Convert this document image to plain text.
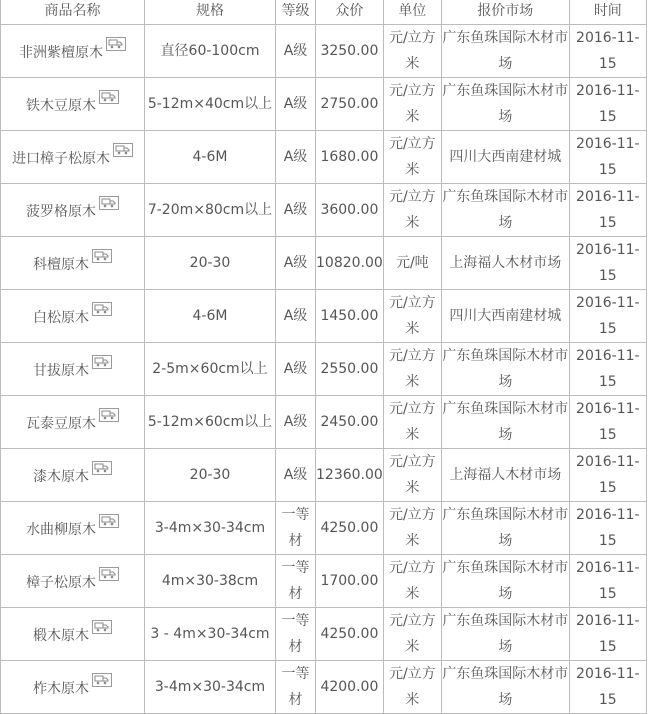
商品名称	规格	等级	众价	单位	报价市场	时间
非洲紫檀原木	直径60-100cm	A级	3250.00	元/立方米	广东鱼珠国际木材市场	2016-11-15
铁木豆原木	5-12m×40cm以上	A级	2750.00	元/立方米	广东鱼珠国际木材市场	2016-11-15
进口樟子松原木	4-6M	A级	1680.00	元/立方米	四川大西南建材城	2016-11-15
菠罗格原木	7-20m×80cm以上	A级	3600.00	元/立方米	广东鱼珠国际木材市场	2016-11-15
科檀原木	20-30	A级	10820.00	元/吨	上海福人木材市场	2016-11-15
白松原木	4-6M	A级	1450.00	元/立方米	四川大西南建材城	2016-11-15
甘拔原木	2-5m×60cm以上	A级	2550.00	元/立方米	广东鱼珠国际木材市场	2016-11-15
瓦泰豆原木	5-12m×60cm以上	A级	2450.00	元/立方米	广东鱼珠国际木材市场	2016-11-15
漆木原木	20-30	A级	12360.00	元/立方米	上海福人木材市场	2016-11-15
水曲柳原木	3-4m×30-34cm	一等材	4250.00	元/立方米	广东鱼珠国际木材市场	2016-11-15
樟子松原木	4m×30-38cm	一等材	1700.00	元/立方米	广东鱼珠国际木材市场	2016-11-15
椴木原木	3 - 4m×30-34cm	一等材	4250.00	元/立方米	广东鱼珠国际木材市场	2016-11-15
柞木原木	3-4m×30-34cm	一等材	4200.00	元/立方米	广东鱼珠国际木材市场	2016-11-15
